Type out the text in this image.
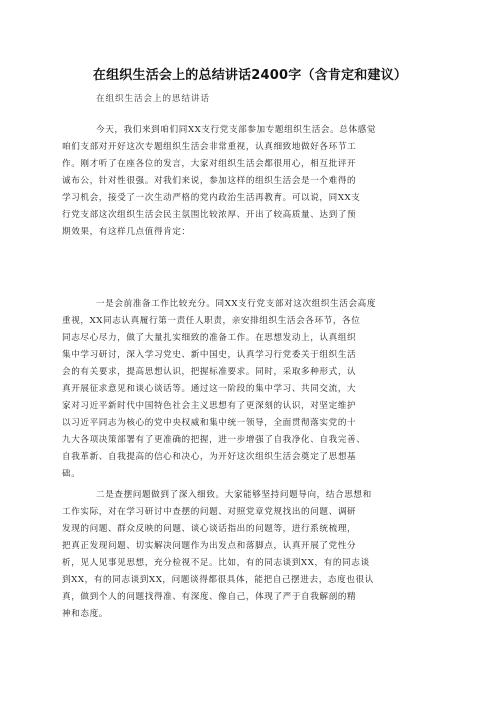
在组织生活会上的总结讲话2400字（含肯定和建议）
在组织生活会上的思结讲话
今天，我们来到咱们同XX支行党支部参加专题组织生活会。总体感觉
咱们支部对开好这次专题组织生活会非常重视，认真细致地做好各环节工
作。刚才听了在座各位的发言，大家对组织生活会都很用心，相互批评开
诚布公，针对性很强。对我们来说，参加这样的组织生活会是一个难得的
学习机会，接受了一次生动严格的党内政治生活再教育。可以说，同XX支
行党支部这次组织生活会民主氛围比较浓厚、开出了较高质量、达到了预
期效果，有这样几点值得肯定：
一是会前准备工作比较充分。同XX支行党支部对这次组织生活会高度
重视，XX同志认真履行第一责任人职责，亲安排组织生活会各环节，各位
同志尽心尽力，做了大量扎实细致的准备工作。在思想发动上，认真组织
集中学习研讨，深入学习党史、新中国史，认真学习行党委关于组织生活
会的有关要求，提高思想认识，把握标准要求。同时，采取多种形式，认
真开展征求意见和谈心谈话等。通过这一阶段的集中学习、共同交流，大
家对习近平新时代中国特色社会主义思想有了更深刻的认识，对坚定维护
以习近平同志为核心的党中央权威和集中统一领导，全面贯彻落实党的十
九大各项决策部署有了更准确的把握，进一步增强了自我净化、自我完善、
自我革新、自我提高的信心和决心，为开好这次组织生活会奠定了思想基
础。
二是查摆问题做到了深入细致。大家能够坚持问题导向，结合思想和
工作实际，对在学习研讨中查摆的问题、对照党章党规找出的问题、调研
发现的问题、群众反映的问题、谈心谈话指出的问题等，进行系统梳理，
把真正发现问题、切实解决问题作为出发点和落脚点，认真开展了党性分
析，见人见事见思想，充分检视不足。比如，有的同志谈到XX，有的同志谈
到XX，有的同志谈到XX，问题谈得都很具体，能把自己摆进去，态度也很认
真，做到个人的问题找得准、有深度、像自己，体现了严于自我解剖的精
神和态度。
